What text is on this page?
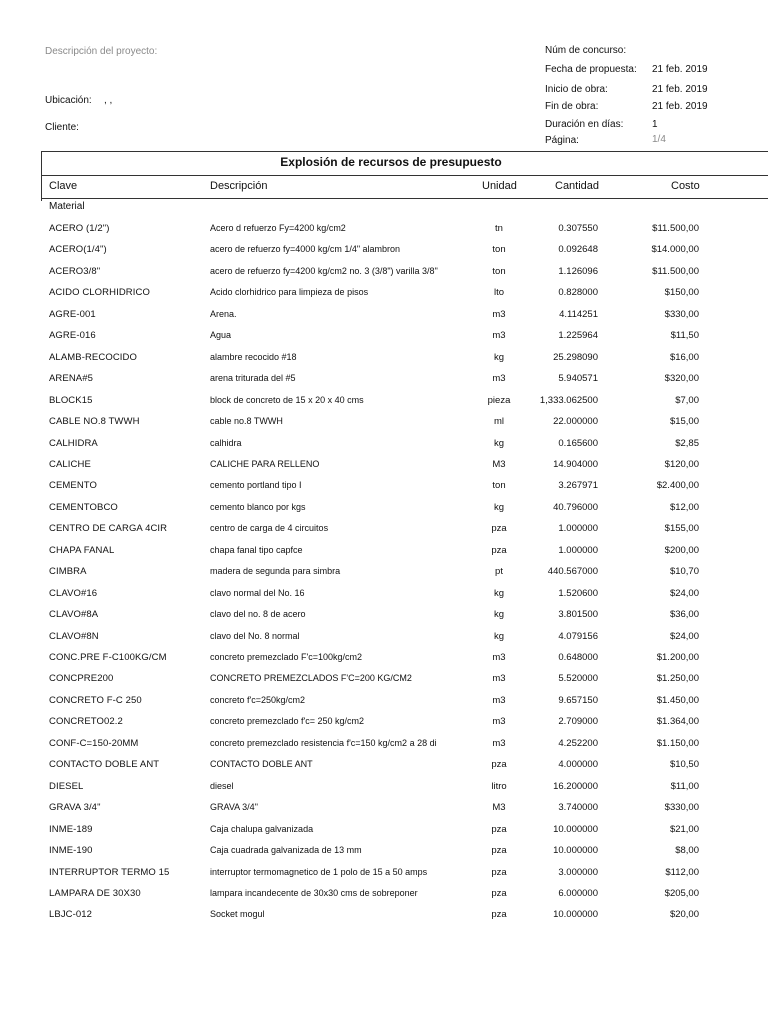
Descripción del proyecto:
Ubicación: , ,
Cliente:
Núm de concurso:
Fecha de propuesta: 21 feb. 2019
Inicio de obra:	21 feb. 2019
Fin de obra:	21 feb. 2019
Duración en días:	1
Página:	1/4
Explosión de recursos de presupuesto
Clave	Descripción	Unidad	Cantidad	Costo
Material
ACERO (1/2")	Acero d refuerzo Fy=4200 kg/cm2	tn	0.307550	$11.500,00
ACERO(1/4")	acero de refuerzo fy=4000 kg/cm 1/4" alambron	ton	0.092648	$14.000,00
ACERO3/8"	acero de refuerzo fy=4200 kg/cm2 no. 3 (3/8") varilla 3/8"	ton	1.126096	$11.500,00
ACIDO CLORHIDRICO	Acido clorhidrico para limpieza de pisos	lto	0.828000	$150,00
AGRE-001	Arena.	m3	4.114251	$330,00
AGRE-016	Agua	m3	1.225964	$11,50
ALAMB-RECOCIDO	alambre recocido #18	kg	25.298090	$16,00
ARENA#5	arena triturada del #5	m3	5.940571	$320,00
BLOCK15	block de concreto de 15 x 20 x 40 cms	pieza	1,333.062500	$7,00
CABLE NO.8 TWWH	cable no.8 TWWH	ml	22.000000	$15,00
CALHIDRA	calhidra	kg	0.165600	$2,85
CALICHE	CALICHE PARA RELLENO	M3	14.904000	$120,00
CEMENTO	cemento portland tipo I	ton	3.267971	$2.400,00
CEMENTOBCO	cemento blanco por kgs	kg	40.796000	$12,00
CENTRO DE CARGA 4CIR	centro de carga de 4 circuitos	pza	1.000000	$155,00
CHAPA FANAL	chapa fanal tipo capfce	pza	1.000000	$200,00
CIMBRA	madera de segunda para simbra	pt	440.567000	$10,70
CLAVO#16	clavo normal del No. 16	kg	1.520600	$24,00
CLAVO#8A	clavo del no. 8 de acero	kg	3.801500	$36,00
CLAVO#8N	clavo del No. 8 normal	kg	4.079156	$24,00
CONC.PRE F-C100KG/CM	concreto premezclado F'c=100kg/cm2	m3	0.648000	$1.200,00
CONCPRE200	CONCRETO PREMEZCLADOS F'C=200 KG/CM2	m3	5.520000	$1.250,00
CONCRETO F-C 250	concreto f'c=250kg/cm2	m3	9.657150	$1.450,00
CONCRETO02.2	concreto premezclado f'c= 250 kg/cm2	m3	2.709000	$1.364,00
CONF-C=150-20MM	concreto premezclado resistencia f'c=150 kg/cm2 a 28 di	m3	4.252200	$1.150,00
CONTACTO DOBLE ANT	CONTACTO DOBLE ANT	pza	4.000000	$10,50
DIESEL	diesel	litro	16.200000	$11,00
GRAVA 3/4"	GRAVA 3/4"	M3	3.740000	$330,00
INME-189	Caja chalupa galvanizada	pza	10.000000	$21,00
INME-190	Caja cuadrada galvanizada de 13 mm	pza	10.000000	$8,00
INTERRUPTOR TERMO 15	interruptor termomagnetico de 1 polo de 15 a 50 amps	pza	3.000000	$112,00
LAMPARA DE 30X30	lampara incandecente de 30x30 cms de sobreponer	pza	6.000000	$205,00
LBJC-012	Socket mogul	pza	10.000000	$20,00
